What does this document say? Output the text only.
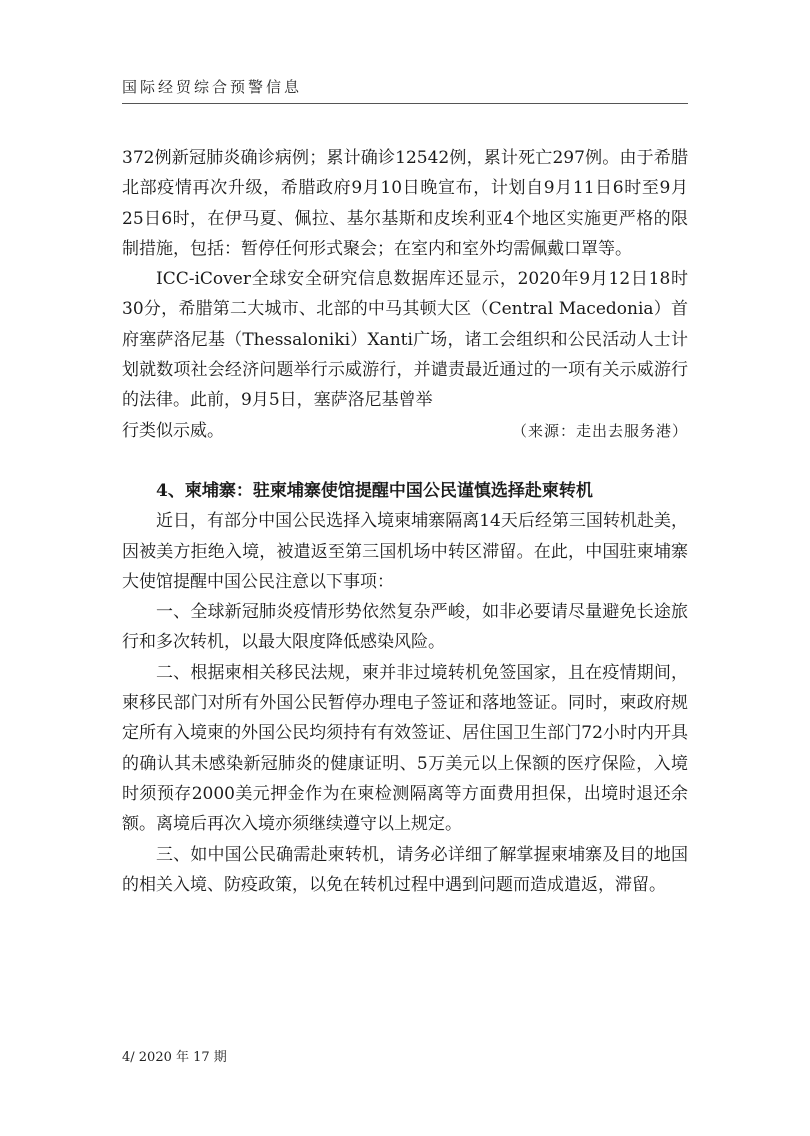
国际经贸综合预警信息

372例新冠肺炎确诊病例；累计确诊12542例，累计死亡297例。由于希腊北部疫情再次升级，希腊政府9月10日晚宣布，计划自9月11日6时至9月25日6时，在伊马夏、佩拉、基尔基斯和皮埃利亚4个地区实施更严格的限制措施，包括：暂停任何形式聚会；在室内和室外均需佩戴口罩等。

ICC-iCover全球安全研究信息数据库还显示，2020年9月12日18时30分，希腊第二大城市、北部的中马其顿大区（Central Macedonia）首府塞萨洛尼基（Thessaloniki）Xanti广场，诸工会组织和公民活动人士计划就数项社会经济问题举行示威游行，并谴责最近通过的一项有关示威游行的法律。此前，9月5日，塞萨洛尼基曾举

行类似示威。	（来源：走出去服务港）

4、柬埔寨：驻柬埔寨使馆提醒中国公民谨慎选择赴柬转机

近日，有部分中国公民选择入境柬埔寨隔离14天后经第三国转机赴美，因被美方拒绝入境，被遣返至第三国机场中转区滞留。在此，中国驻柬埔寨大使馆提醒中国公民注意以下事项：

一、全球新冠肺炎疫情形势依然复杂严峻，如非必要请尽量避免长途旅行和多次转机，以最大限度降低感染风险。

二、根据柬相关移民法规，柬并非过境转机免签国家，且在疫情期间，柬移民部门对所有外国公民暂停办理电子签证和落地签证。同时，柬政府规定所有入境柬的外国公民均须持有有效签证、居住国卫生部门72小时内开具的确认其未感染新冠肺炎的健康证明、5万美元以上保额的医疗保险，入境时须预存2000美元押金作为在柬检测隔离等方面费用担保，出境时退还余额。离境后再次入境亦须继续遵守以上规定。

三、如中国公民确需赴柬转机，请务必详细了解掌握柬埔寨及目的地国的相关入境、防疫政策，以免在转机过程中遇到问题而造成遣返，滞留。

4/ 2020 年 17 期
